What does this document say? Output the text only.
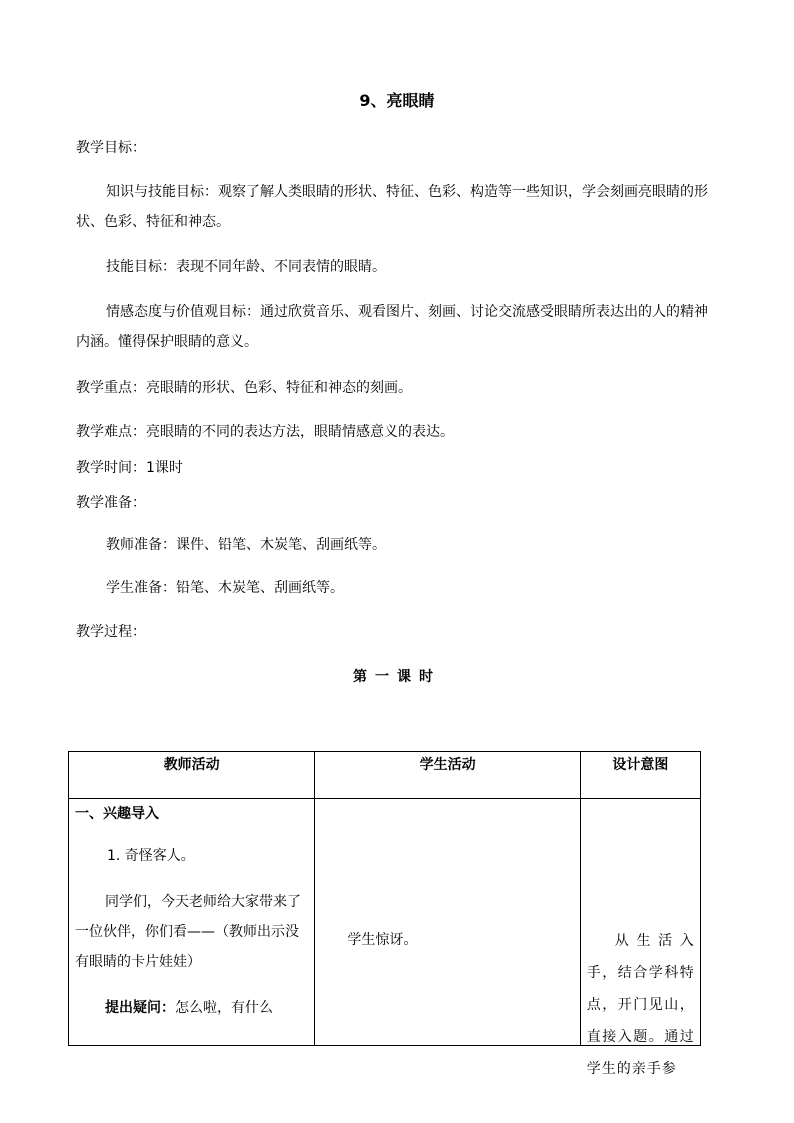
9、亮眼睛
教学目标：
知识与技能目标：观察了解人类眼睛的形状、特征、色彩、构造等一些知识，学会刻画亮眼睛的形状、色彩、特征和神态。
技能目标：表现不同年龄、不同表情的眼睛。
情感态度与价值观目标：通过欣赏音乐、观看图片、刻画、讨论交流感受眼睛所表达出的人的精神内涵。懂得保护眼睛的意义。
教学重点：亮眼睛的形状、色彩、特征和神态的刻画。
教学难点：亮眼睛的不同的表达方法，眼睛情感意义的表达。
教学时间：1课时
教学准备：
教师准备：课件、铅笔、木炭笔、刮画纸等。
学生准备：铅笔、木炭笔、刮画纸等。
教学过程：
第一课时
教师活动	学生活动	设计意图

一、兴趣导入
1. 奇怪客人。
同学们，今天老师给大家带来了一位伙伴，你们看——（教师出示没有眼睛的卡片娃娃）
提出疑问：怎么啦，有什么	学生惊讶。	从生活入手，结合学科特点，开门见山，直接入题。通过学生的亲手参
